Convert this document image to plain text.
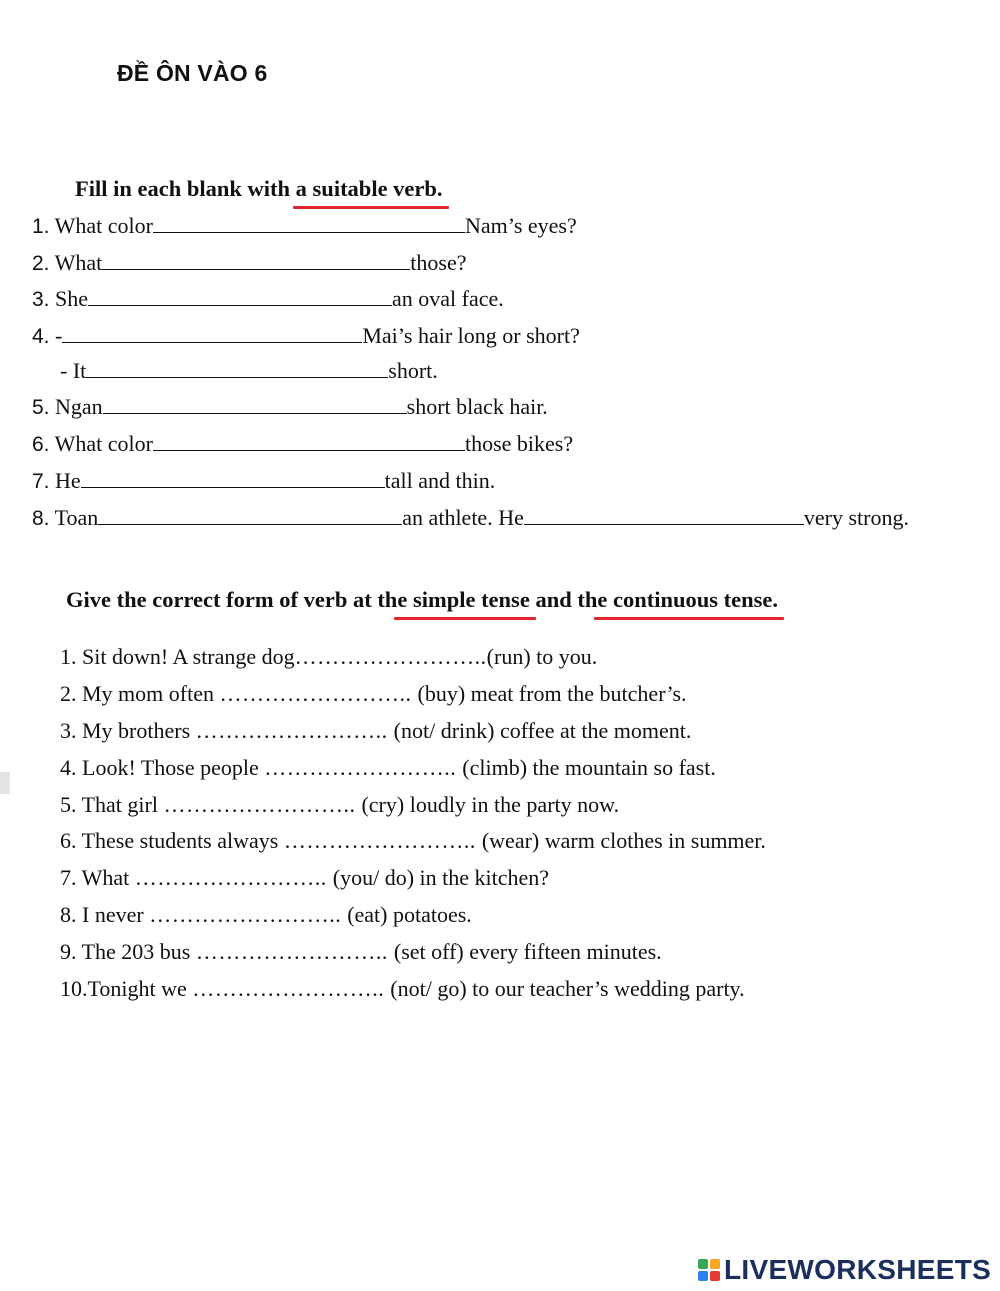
ĐỀ ÔN VÀO 6
Fill in each blank with a suitable verb.
1. What color	Nam’s eyes?
2. What	those?
3. She	an oval face.
4. -	Mai’s hair long or short?
- It	short.
5. Ngan	short black hair.
6. What color	those bikes?
7. He	tall and thin.
8. Toan	an athlete. He	very strong.
Give the correct form of verb at the simple tense and the continuous tense.
1. Sit down! A strange dog……………………..(run) to you.
2. My mom often …………………….. (buy) meat from the butcher’s.
3. My brothers …………………….. (not/ drink) coffee at the moment.
4. Look! Those people …………………….. (climb) the mountain so fast.
5. That girl …………………….. (cry) loudly in the party now.
6. These students always …………………….. (wear) warm clothes in summer.
7. What …………………….. (you/ do) in the kitchen?
8. I never …………………….. (eat) potatoes.
9. The 203 bus …………………….. (set off) every fifteen minutes.
10.Tonight we …………………….. (not/ go) to our teacher’s wedding party.
LIVEWORKSHEETS
